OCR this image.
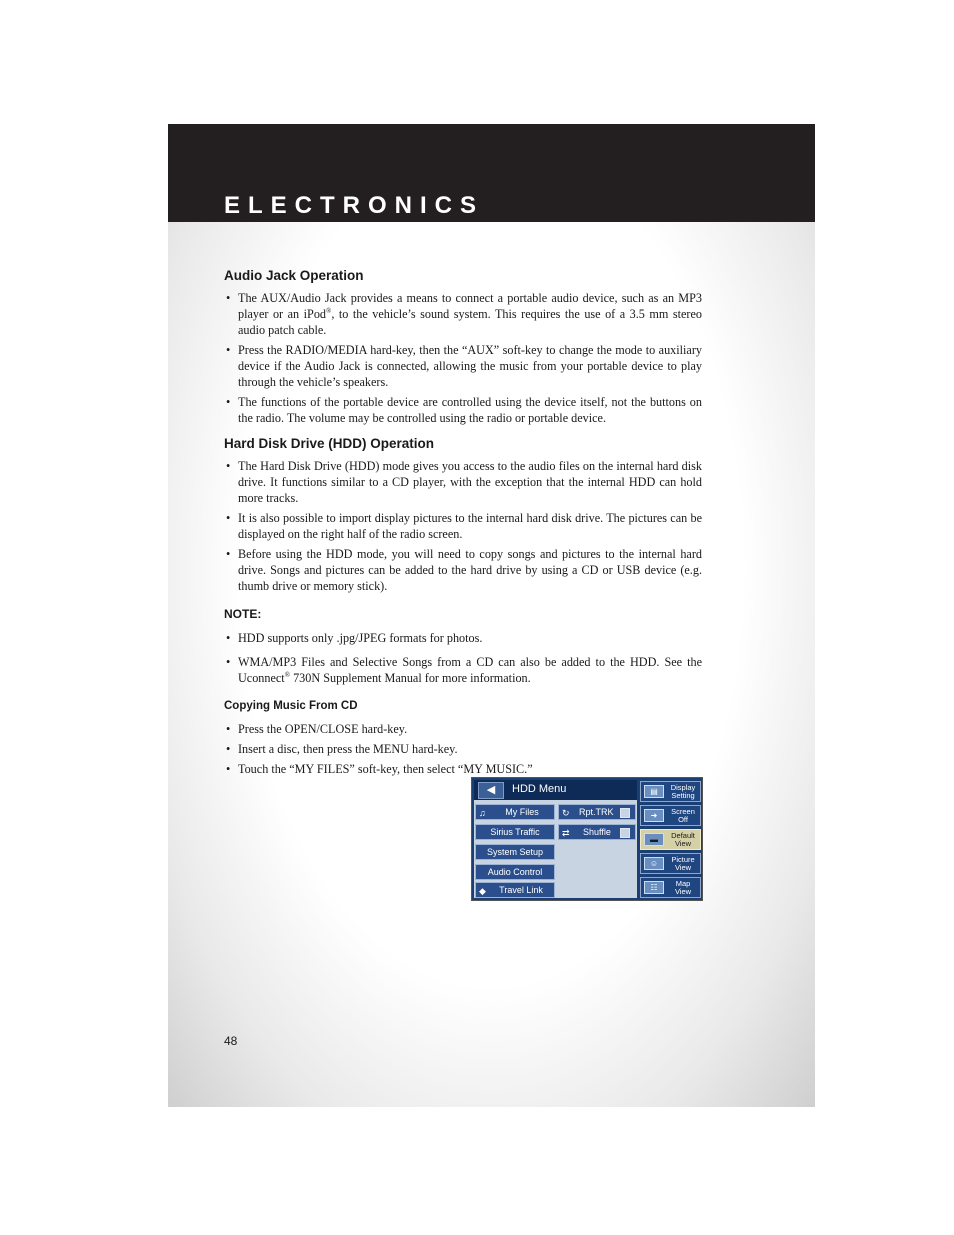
ELECTRONICS
Audio Jack Operation
• The AUX/Audio Jack provides a means to connect a portable audio device, such as an MP3 player or an iPod®, to the vehicle’s sound system. This requires the use of a 3.5 mm stereo audio patch cable.
• Press the RADIO/MEDIA hard-key, then the “AUX” soft-key to change the mode to auxiliary device if the Audio Jack is connected, allowing the music from your portable device to play through the vehicle’s speakers.
• The functions of the portable device are controlled using the device itself, not the buttons on the radio. The volume may be controlled using the radio or portable device.
Hard Disk Drive (HDD) Operation
• The Hard Disk Drive (HDD) mode gives you access to the audio files on the internal hard disk drive. It functions similar to a CD player, with the exception that the internal HDD can hold more tracks.
• It is also possible to import display pictures to the internal hard disk drive. The pictures can be displayed on the right half of the radio screen.
• Before using the HDD mode, you will need to copy songs and pictures to the internal hard drive. Songs and pictures can be added to the hard drive by using a CD or USB device (e.g. thumb drive or memory stick).
NOTE:
• HDD supports only .jpg/JPEG formats for photos.
• WMA/MP3 Files and Selective Songs from a CD can also be added to the HDD. See the Uconnect® 730N Supplement Manual for more information.
Copying Music From CD
• Press the OPEN/CLOSE hard-key.
• Insert a disc, then press the MENU hard-key.
• Touch the “MY FILES” soft-key, then select “MY MUSIC.”
◀	HDD Menu
♫ My Files
Sirius Traffic
System Setup
Audio Control
◆ Travel Link
↻ Rpt.TRK
⇄ Shuffle
▤	Display
Setting
➜	Screen
Off
▬	Default
View
☺	Picture
View
☷	Map
View
48
